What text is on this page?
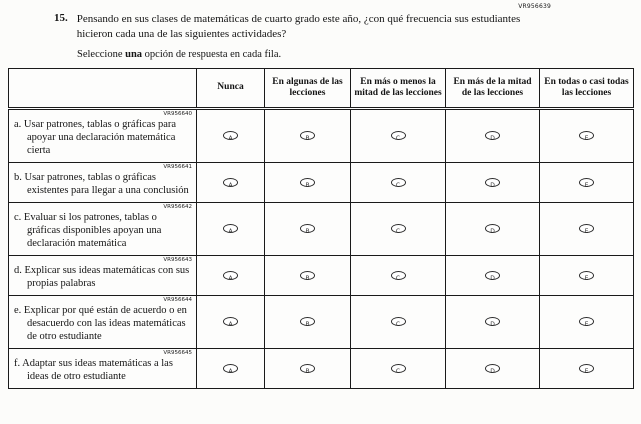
VR956639
15. Pensando en sus clases de matemáticas de cuarto grado este año, ¿con qué frecuencia sus estudiantes hicieron cada una de las siguientes actividades?
Seleccione una opción de respuesta en cada fila.
	Nunca	En algunas de las lecciones	En más o menos la mitad de las lecciones	En más de la mitad de las lecciones	En todas o casi todas las lecciones

VR956640
a. Usar patrones, tablas o gráficas para apoyar una declaración matemática cierta	A	B	C	D	E

VR956641
b. Usar patrones, tablas o gráficas existentes para llegar a una conclusión	A	B	C	D	E

VR956642
c. Evaluar si los patrones, tablas o gráficas disponibles apoyan una declaración matemática	A	B	C	D	E

VR956643
d. Explicar sus ideas matemáticas con sus propias palabras	A	B	C	D	E

VR956644
e. Explicar por qué están de acuerdo o en desacuerdo con las ideas matemáticas de otro estudiante	A	B	C	D	E

VR956645
f. Adaptar sus ideas matemáticas a las ideas de otro estudiante	A	B	C	D	E
